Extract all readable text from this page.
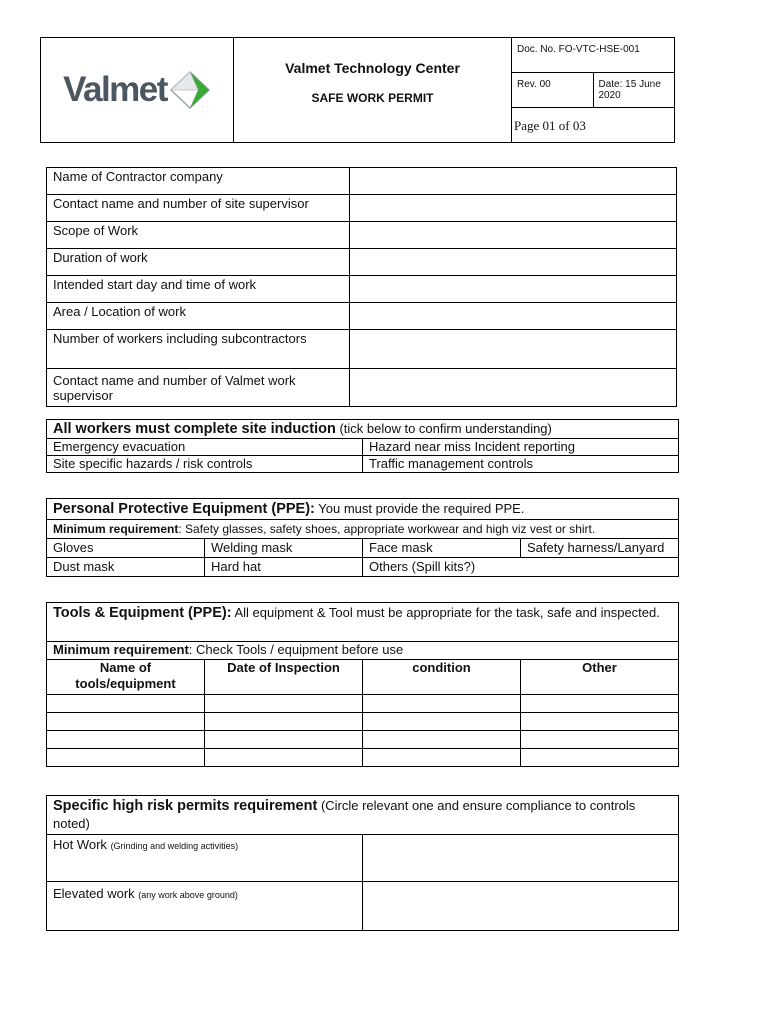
Valmet	Valmet Technology Center
SAFE WORK PERMIT	Doc. No. FO-VTC-HSE-001	
		Rev. 00	Date: 15 June 2020
		Page 01 of 03	
Name of Contractor company	
Contact name and number of site supervisor	
Scope of Work	
Duration of work	
Intended start day and time of work	
Area / Location of work	
Number of workers including subcontractors	
Contact name and number of Valmet work supervisor	
All workers must complete site induction (tick below to confirm understanding)	
Emergency evacuation	Hazard near miss Incident reporting
Site specific hazards / risk controls	Traffic management controls
Personal Protective Equipment (PPE): You must provide the required PPE.			
Minimum requirement: Safety glasses, safety shoes, appropriate workwear and high viz vest or shirt.			
Gloves	Welding mask	Face mask	Safety harness/Lanyard
Dust mask	Hard hat	Others (Spill kits?)	
Tools & Equipment (PPE): All equipment & Tool must be appropriate for the task, safe and inspected.			
Minimum requirement: Check Tools / equipment before use			
Name of tools/equipment	Date of Inspection	condition	Other

Specific high risk permits requirement (Circle relevant one and ensure compliance to controls noted)	
Hot Work (Grinding and welding activities)	
Elevated work (any work above ground)	
